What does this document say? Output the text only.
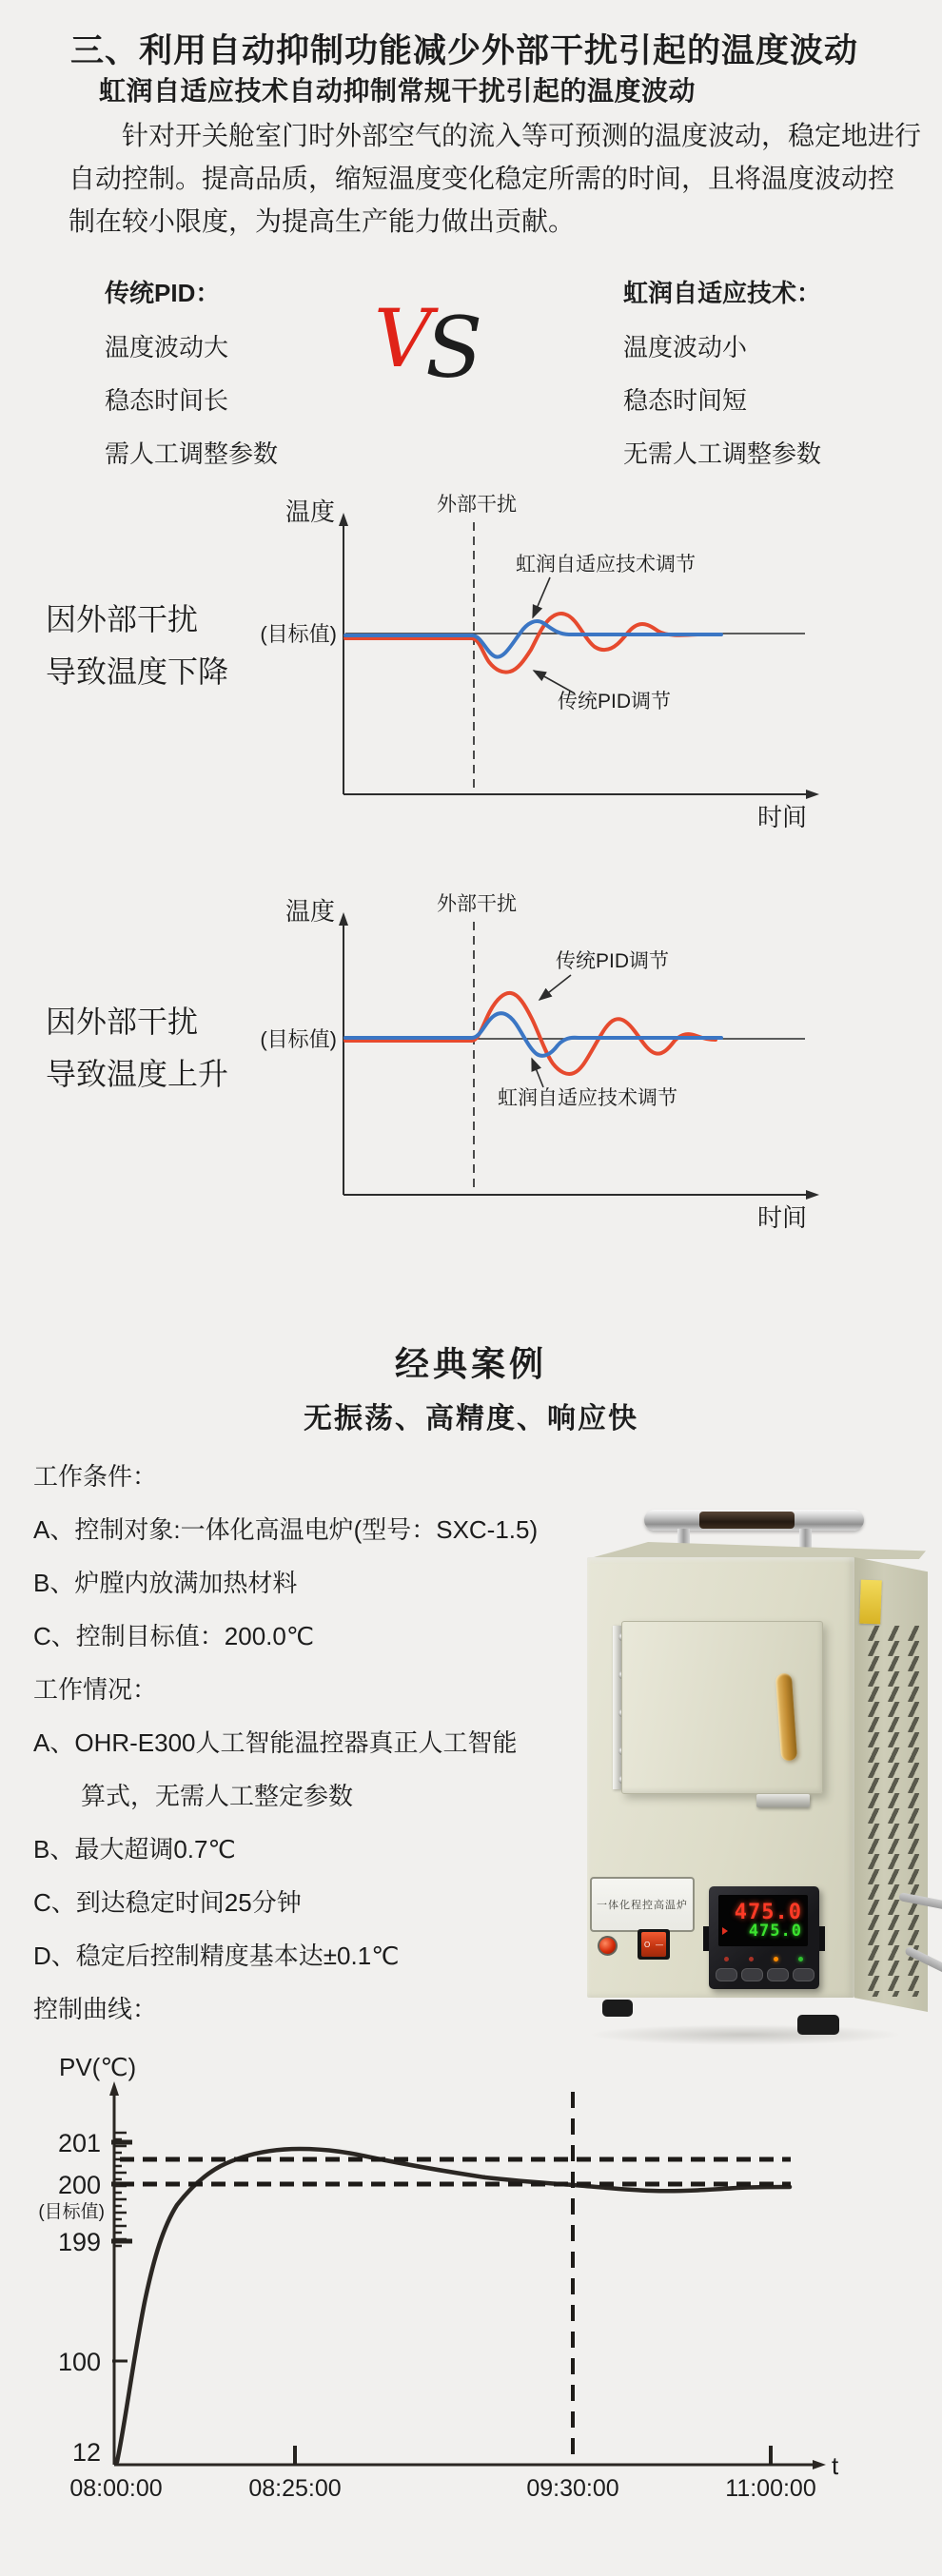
三、利用自动抑制功能减少外部干扰引起的温度波动
虹润自适应技术自动抑制常规干扰引起的温度波动
针对开关舱室门时外部空气的流入等可预测的温度波动，稳定地进行
自动控制。提高品质，缩短温度变化稳定所需的时间，且将温度波动控
制在较小限度，为提高生产能力做出贡献。
传统PID：
温度波动大
稳态时间长
需人工调整参数
V
S
虹润自适应技术：
温度波动小
稳态时间短
无需人工调整参数
因外部干扰
导致温度下降
温度	外部干扰
(目标值)
虹润自适应技术调节
传统PID调节
时间
因外部干扰
导致温度上升
温度	外部干扰
(目标值)
传统PID调节
虹润自适应技术调节
时间
经典案例
无振荡、高精度、响应快
工作条件：
A、控制对象:一体化高温电炉(型号：SXC-1.5)
B、炉膛内放满加热材料
C、控制目标值：200.0℃
工作情况：
A、OHR-E300人工智能温控器真正人工智能
算式，无需人工整定参数
B、最大超调0.7℃
C、到达稳定时间25分钟
D、稳定后控制精度基本达±0.1℃
控制曲线：
一体化程控高温炉
O —
475.0
475.0
PV(℃)
t
201
200
(目标值)
199
100
12
08:00:00	08:25:00	09:30:00	11:00:00
